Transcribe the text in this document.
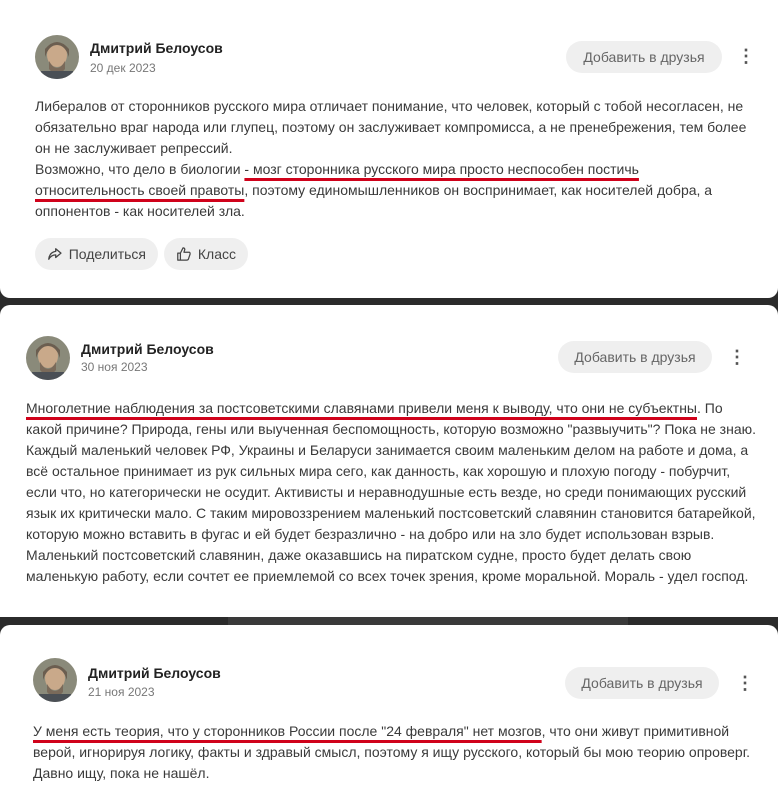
Дмитрий Белоусов
20 дек 2023
Добавить в друзья	⋮

Либералов от сторонников русского мира отличает понимание, что человек, который с тобой несогласен, не обязательно враг народа или глупец, поэтому он заслуживает компромисса, а не пренебрежения, тем более он не заслуживает репрессий.

Возможно, что дело в биологии - мозг сторонника русского мира просто неспособен постичь относительность своей правоты, поэтому единомышленников он воспринимает, как носителей добра, а оппонентов - как носителей зла.

Поделиться	Класс
Дмитрий Белоусов
30 ноя 2023
Добавить в друзья	⋮

Многолетние наблюдения за постсоветскими славянами привели меня к выводу, что они не субъектны. По какой причине? Природа, гены или выученная беспомощность, которую возможно "развыучить"? Пока не знаю.

Каждый маленький человек РФ, Украины и Беларуси занимается своим маленьким делом на работе и дома, а всё остальное принимает из рук сильных мира сего, как данность, как хорошую и плохую погоду - побурчит, если что, но категорически не осудит. Активисты и неравнодушные есть везде, но среди понимающих русский язык их критически мало. С таким мировоззрением маленький постсоветский славянин становится батарейкой, которую можно вставить в фугас и ей будет безразлично - на добро или на зло будет использован взрыв. Маленький постсоветский славянин, даже оказавшись на пиратском судне, просто будет делать свою маленькую работу, если сочтет ее приемлемой со всех точек зрения, кроме моральной. Мораль - удел господ.

Дмитрий Белоусов
21 ноя 2023
Добавить в друзья	⋮

У меня есть теория, что у сторонников России после "24 февраля" нет мозгов, что они живут примитивной верой, игнорируя логику, факты и здравый смысл, поэтому я ищу русского, который бы мою теорию опроверг. Давно ищу, пока не нашёл.
